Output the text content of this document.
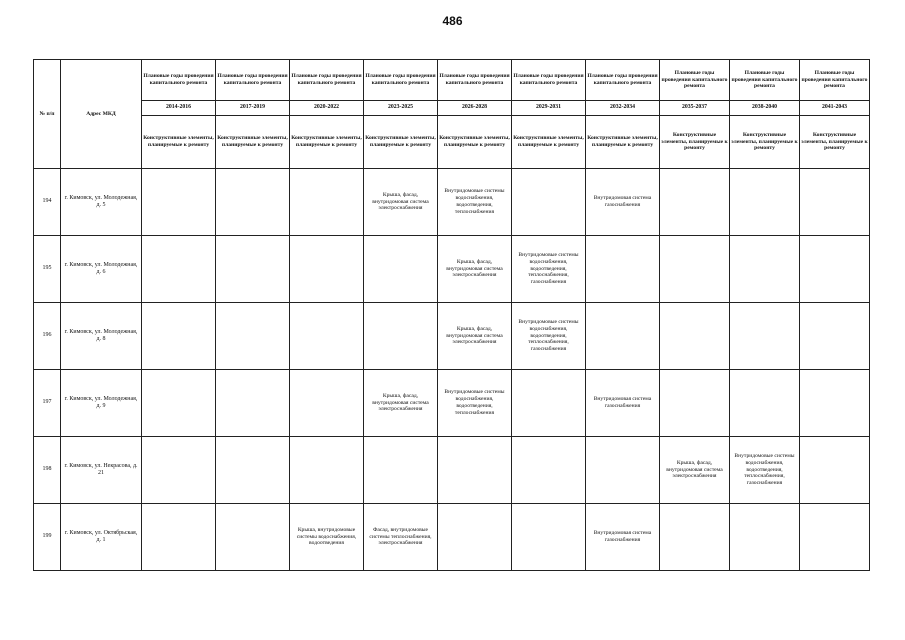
486
№ п/п	Адрес МКД	Плановые годы проведения капитального ремонта	Плановые годы проведения капитального ремонта	Плановые годы проведения капитального ремонта	Плановые годы проведения капитального ремонта	Плановые годы проведения капитального ремонта	Плановые годы проведения капитального ремонта	Плановые годы проведения капитального ремонта	Плановые годы проведения капитального ремонта	Плановые годы проведения капитального ремонта	Плановые годы проведения капитального ремонта
		2014-2016	2017-2019	2020-2022	2023-2025	2026-2028	2029-2031	2032-2034	2035-2037	2038-2040	2041-2043
		Конструктивные элементы, планируемые к ремонту	Конструктивные элементы, планируемые к ремонту	Конструктивные элементы, планируемые к ремонту	Конструктивные элементы, планируемые к ремонту	Конструктивные элементы, планируемые к ремонту	Конструктивные элементы, планируемые к ремонту	Конструктивные элементы, планируемые к ремонту	Конструктивные элементы, планируемые к ремонту	Конструктивные элементы, планируемые к ремонту	Конструктивные элементы, планируемые к ремонту
194	г. Кимовск, ул. Молодежная, д. 5				Крыша, фасад, внутридомовая система электроснабжения	Внутридомовые системы водоснабжения, водоотведения, теплоснабжения		Внутридомовая система газоснабжения			
195	г. Кимовск, ул. Молодежная, д. 6					Крыша, фасад, внутридомовая система электроснабжения	Внутридомовые системы водоснабжения, водоотведения, теплоснабжения, газоснабжения				
196	г. Кимовск, ул. Молодежная, д. 8					Крыша, фасад, внутридомовая система электроснабжения	Внутридомовые системы водоснабжения, водоотведения, теплоснабжения, газоснабжения				
197	г. Кимовск, ул. Молодежная, д. 9				Крыша, фасад, внутридомовая система электроснабжения	Внутридомовые системы водоснабжения, водоотведения, теплоснабжения		Внутридомовая система газоснабжения			
198	г. Кимовск, ул. Некрасова, д. 21								Крыша, фасад, внутридомовая система электроснабжения	Внутридомовые системы водоснабжения, водоотведения, теплоснабжения, газоснабжения	
199	г. Кимовск, ул. Октябрьская, д. 1			Крыша, внутридомовые системы водоснабжения, водоотведения	Фасад, внутридомовые системы теплоснабжения, электроснабжения			Внутридомовая система газоснабжения			
